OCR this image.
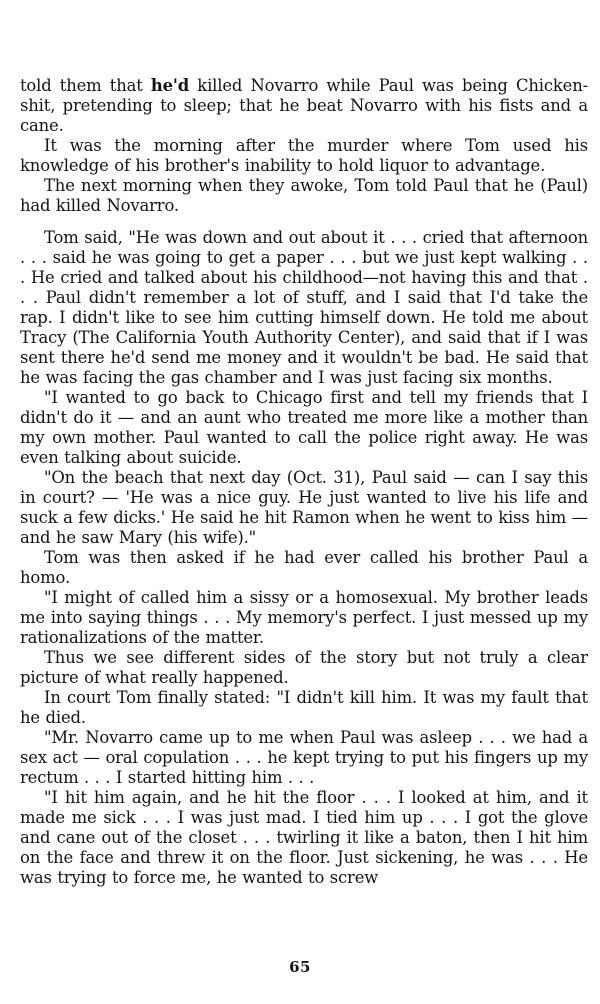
told them that he'd killed Novarro while Paul was being Chicken-shit, pretending to sleep; that he beat Novarro with his fists and a cane.

It was the morning after the murder where Tom used his knowledge of his brother's inability to hold liquor to advantage.

The next morning when they awoke, Tom told Paul that he (Paul) had killed Novarro.

Tom said, "He was down and out about it . . . cried that afternoon . . . said he was going to get a paper . . . but we just kept walking . . . He cried and talked about his childhood—not having this and that . . . Paul didn't remember a lot of stuff, and I said that I'd take the rap. I didn't like to see him cutting himself down. He told me about Tracy (The California Youth Authority Center), and said that if I was sent there he'd send me money and it wouldn't be bad. He said that he was facing the gas chamber and I was just facing six months.

"I wanted to go back to Chicago first and tell my friends that I didn't do it — and an aunt who treated me more like a mother than my own mother. Paul wanted to call the police right away. He was even talking about suicide.

"On the beach that next day (Oct. 31), Paul said — can I say this in court? — 'He was a nice guy. He just wanted to live his life and suck a few dicks.' He said he hit Ramon when he went to kiss him — and he saw Mary (his wife)."

Tom was then asked if he had ever called his brother Paul a homo.

"I might of called him a sissy or a homosexual. My brother leads me into saying things . . . My memory's perfect. I just messed up my rationalizations of the matter.

Thus we see different sides of the story but not truly a clear picture of what really happened.

In court Tom finally stated: "I didn't kill him. It was my fault that he died.

"Mr. Novarro came up to me when Paul was asleep . . . we had a sex act — oral copulation . . . he kept trying to put his fingers up my rectum . . . I started hitting him . . .

"I hit him again, and he hit the floor . . . I looked at him, and it made me sick . . . I was just mad. I tied him up . . . I got the glove and cane out of the closet . . . twirling it like a baton, then I hit him on the face and threw it on the floor. Just sickening, he was . . . He was trying to force me, he wanted to screw

65
